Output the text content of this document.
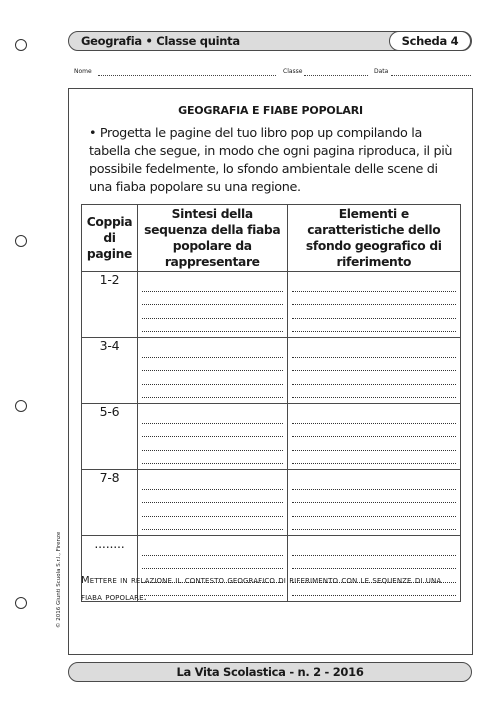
Geografia • Classe quinta	Scheda 4
Nome	Classe	Data
GEOGRAFIA E FIABE POPOLARI

• Progetta le pagine del tuo libro pop up compilando la tabella che segue, in modo che ogni pagina riproduca, il più possibile fedelmente, lo sfondo ambientale delle scene di una fiaba popolare su una regione.

Coppia di pagine	Sintesi della sequenza della fiaba popolare da rappresentare	Elementi e caratteristiche dello sfondo geografico di riferimento
1-2	

3-4	

5-6	

7-8	

........	

Mettere in relazione il contesto geografico di riferimento con le sequenze di una fiaba popolare.

© 2016 Giunti Scuola S.r.l., Firenze
La Vita Scolastica - n. 2 - 2016
